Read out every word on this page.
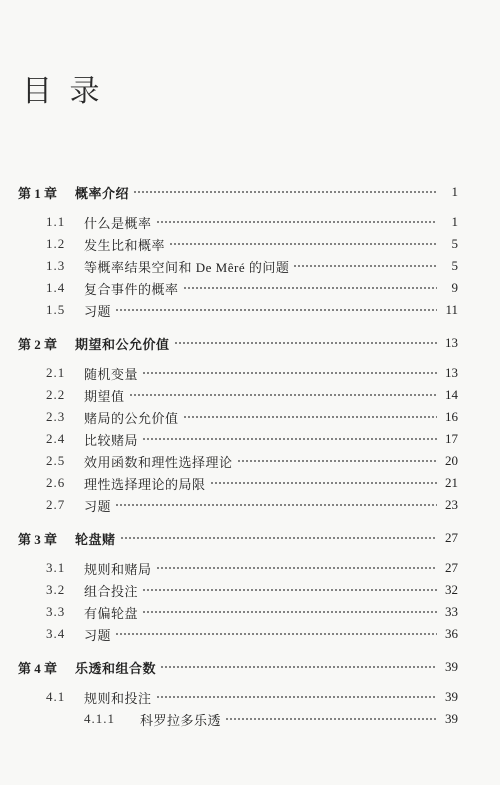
目 录
第 1 章	概率介绍	1
1.1	什么是概率	1
1.2	发生比和概率	5
1.3	等概率结果空间和 De Mêré 的问题	5
1.4	复合事件的概率	9
1.5	习题	11
第 2 章	期望和公允价值	13
2.1	随机变量	13
2.2	期望值	14
2.3	赌局的公允价值	16
2.4	比较赌局	17
2.5	效用函数和理性选择理论	20
2.6	理性选择理论的局限	21
2.7	习题	23
第 3 章	轮盘赌	27
3.1	规则和赌局	27
3.2	组合投注	32
3.3	有偏轮盘	33
3.4	习题	36
第 4 章	乐透和组合数	39
4.1	规则和投注	39
4.1.1	科罗拉多乐透	39
